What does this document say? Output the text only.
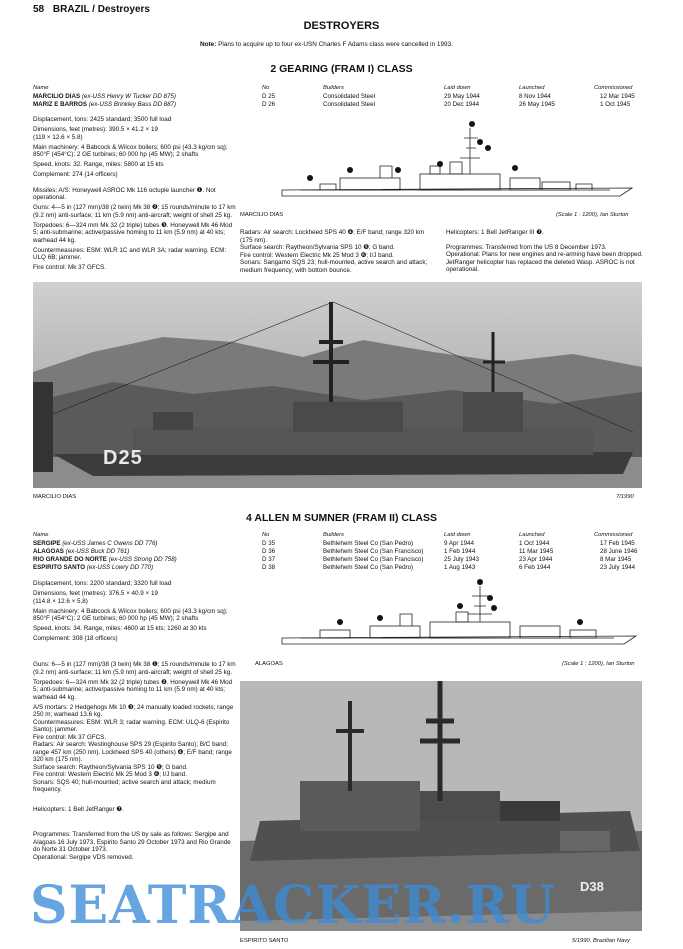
58 BRAZIL / Destroyers
DESTROYERS
Note: Plans to acquire up to four ex-USN Charles F Adams class were cancelled in 1993.
2 GEARING (FRAM I) CLASS
Name	No	Builders	Laid down	Launched	Commissioned
MARCILIO DIAS (ex-USS Henry W Tucker DD 875)	D 25	Consolidated Steel	29 May 1944	8 Nov 1944	12 Mar 1945
MARIZ E BARROS (ex-USS Brinkley Bass DD 887)	D 26	Consolidated Steel	20 Dec 1944	26 May 1945	1 Oct 1945

Displacement, tons: 2425 standard; 3500 full load

Dimensions, feet (metres): 390.5 × 41.2 × 19

(119 × 12.6 × 5.8)

Main machinery: 4 Babcock & Wilcox boilers; 600 psi (43.3 kg/cm sq); 850°F (454°C); 2 GE turbines; 60 000 hp (45 MW); 2 shafts

Speed, knots: 32. Range, miles: 5800 at 15 kts

Complement: 274 (14 officers)

Missiles: A/S: Honeywell ASROC Mk 116 octuple launcher ❶. Not operational.

Guns: 4—5 in (127 mm)/38 (2 twin) Mk 38 ❷; 15 rounds/minute to 17 km (9.2 nm) anti-surface; 11 km (5.9 nm) anti-aircraft; weight of shell 25 kg.

Torpedoes: 6—324 mm Mk 32 (2 triple) tubes ❸. Honeywell Mk 46 Mod 5; anti-submarine; active/passive homing to 11 km (5.9 nm) at 40 kts; warhead 44 kg.

Countermeasures: ESM: WLR 1C and WLR 3A; radar warning. ECM: ULQ 6B; jammer.

Fire control: Mk 37 GFCS.

MARCILIO DIAS	(Scale 1 : 1200), Ian Sturton

Radars: Air search: Lockheed SPS 40 ❹; E/F band; range 320 km (175 nm).

Surface search: Raytheon/Sylvania SPS 10 ❺; G band.

Fire control: Western Electric Mk 25 Mod 3 ❻; I/J band.

Sonars: Sangamo SQS 23; hull-mounted, active search and attack; medium frequency; with bottom bounce.

Helicopters: 1 Bell JetRanger III ❼.

Programmes: Transferred from the US 8 December 1973.

Operational: Plans for new engines and re-arming have been dropped. JetRanger helicopter has replaced the deleted Wasp. ASROC is not operational.

D25
MARCILIO DIAS	7/1990
4 ALLEN M SUMNER (FRAM II) CLASS
Name	No	Builders	Laid down	Launched	Commissioned
SERGIPE (ex-USS James C Owens DD 776)	D 35	Bethlehem Steel Co (San Pedro)	9 Apr 1944	1 Oct 1944	17 Feb 1945
ALAGOAS (ex-USS Buck DD 761)	D 36	Bethlehem Steel Co (San Francisco)	1 Feb 1944	11 Mar 1945	28 June 1946
RIO GRANDE DO NORTE (ex-USS Strong DD 758)	D 37	Bethlehem Steel Co (San Francisco)	25 July 1943	23 Apr 1944	8 Mar 1945
ESPIRITO SANTO (ex-USS Lowry DD 770)	D 38	Bethlehem Steel Co (San Pedro)	1 Aug 1943	6 Feb 1944	23 July 1944

Displacement, tons: 2200 standard; 3320 full load

Dimensions, feet (metres): 376.5 × 40.9 × 19

(114.8 × 12.6 × 5.8)

Main machinery: 4 Babcock & Wilcox boilers; 600 psi (43.3 kg/cm sq); 850°F (454°C); 2 GE turbines; 60 000 hp (45 MW); 2 shafts

Speed, knots: 34. Range, miles: 4600 at 15 kts; 1260 at 30 kts

Complement: 308 (18 officers)

ALAGOAS	(Scale 1 : 1200), Ian Sturton

Guns: 6—5 in (127 mm)/38 (3 twin) Mk 38 ❶; 15 rounds/minute to 17 km (9.2 nm) anti-surface; 11 km (5.9 nm) anti-aircraft; weight of shell 25 kg.

Torpedoes: 6—324 mm Mk 32 (2 triple) tubes ❷. Honeywell Mk 46 Mod 5; anti-submarine; active/passive homing to 11 km (5.9 nm) at 40 kts; warhead 44 kg.

A/S mortars: 2 Hedgehogs Mk 10 ❸; 24 manually loaded rockets; range 250 m; warhead 13.6 kg.

Countermeasures: ESM: WLR 3; radar warning. ECM: ULQ-6 (Espirito Santo); jammer.

Fire control: Mk 37 GFCS.

Radars: Air search: Westinghouse SPS 29 (Espirito Santo); B/C band; range 457 km (250 nm). Lockheed SPS 40 (others) ❹; E/F band; range 320 km (175 nm).

Surface search: Raytheon/Sylvania SPS 10 ❺; G band.

Fire control: Western Electric Mk 25 Mod 3 ❻; I/J band.

Sonars: SQS 40; hull-mounted; active search and attack; medium frequency.

Helicopters: 1 Bell JetRanger ❼.

Programmes: Transferred from the US by sale as follows: Sergipe and Alagoas 16 July 1973, Espirito Santo 29 October 1973 and Rio Grande do Norte 31 October 1973.

Operational: Sergipe VDS removed.

D38
ESPIRITO SANTO	5/1990, Brazilian Navy
SEATRACKER.RU
